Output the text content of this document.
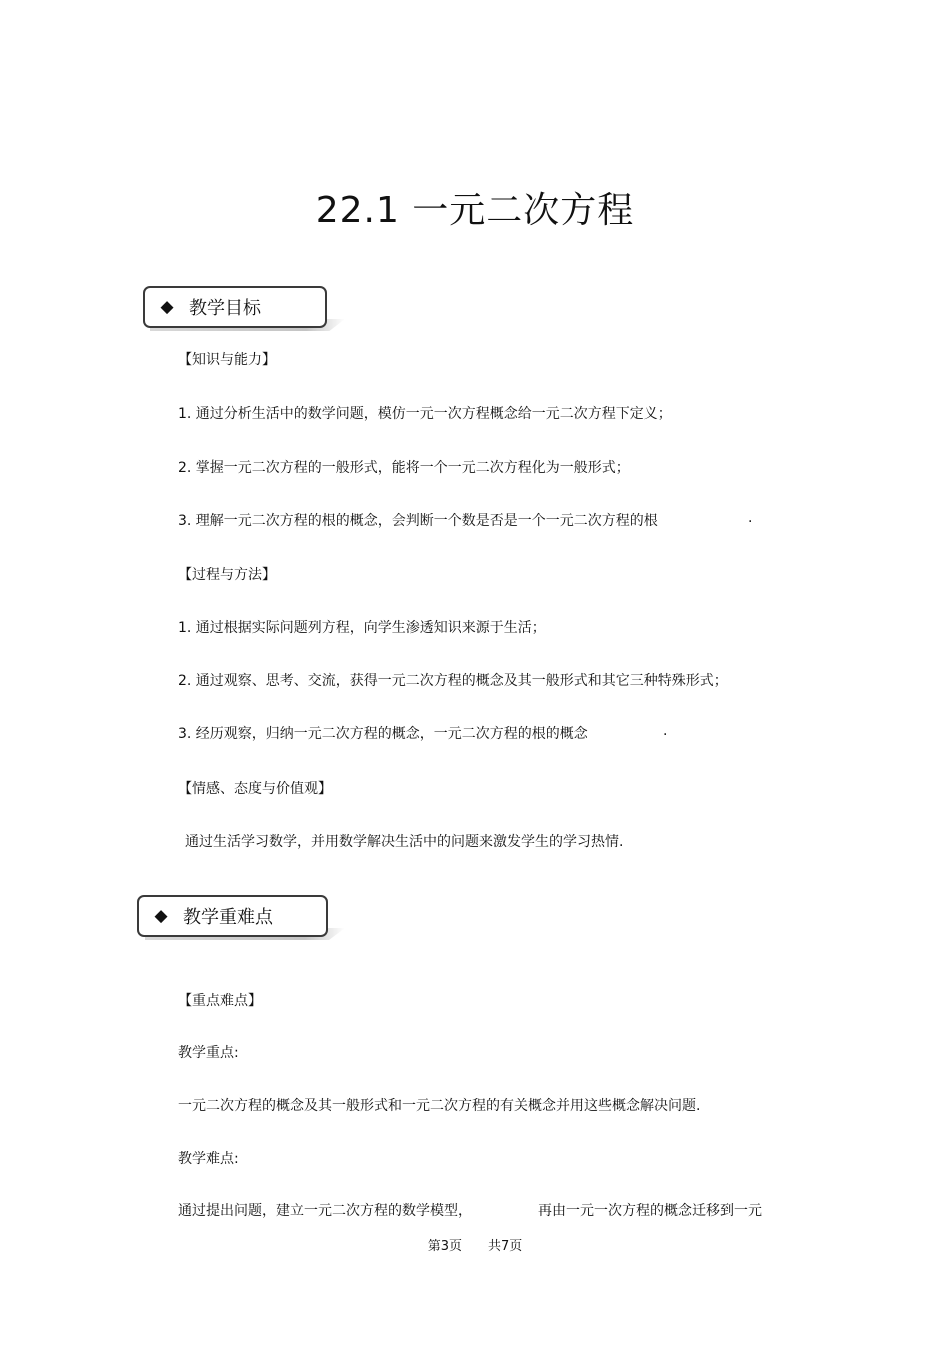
22.1 一元二次方程
◆ 教学目标
【知识与能力】
1. 通过分析生活中的数学问题，模仿一元一次方程概念给一元二次方程下定义；
2. 掌握一元二次方程的一般形式，能将一个一元二次方程化为一般形式；
3. 理解一元二次方程的根的概念，会判断一个数是否是一个一元二次方程的根	.
【过程与方法】
1. 通过根据实际问题列方程，向学生渗透知识来源于生活；
2. 通过观察、思考、交流，获得一元二次方程的概念及其一般形式和其它三种特殊形式；
3. 经历观察，归纳一元二次方程的概念，一元二次方程的根的概念	.
【情感、态度与价值观】
通过生活学习数学，并用数学解决生活中的问题来激发学生的学习热情.
◆ 教学重难点
【重点难点】
教学重点:
一元二次方程的概念及其一般形式和一元二次方程的有关概念并用这些概念解决问题.
教学难点:
通过提出问题，建立一元二次方程的数学模型，	再由一元一次方程的概念迁移到一元
第3页 共7页
